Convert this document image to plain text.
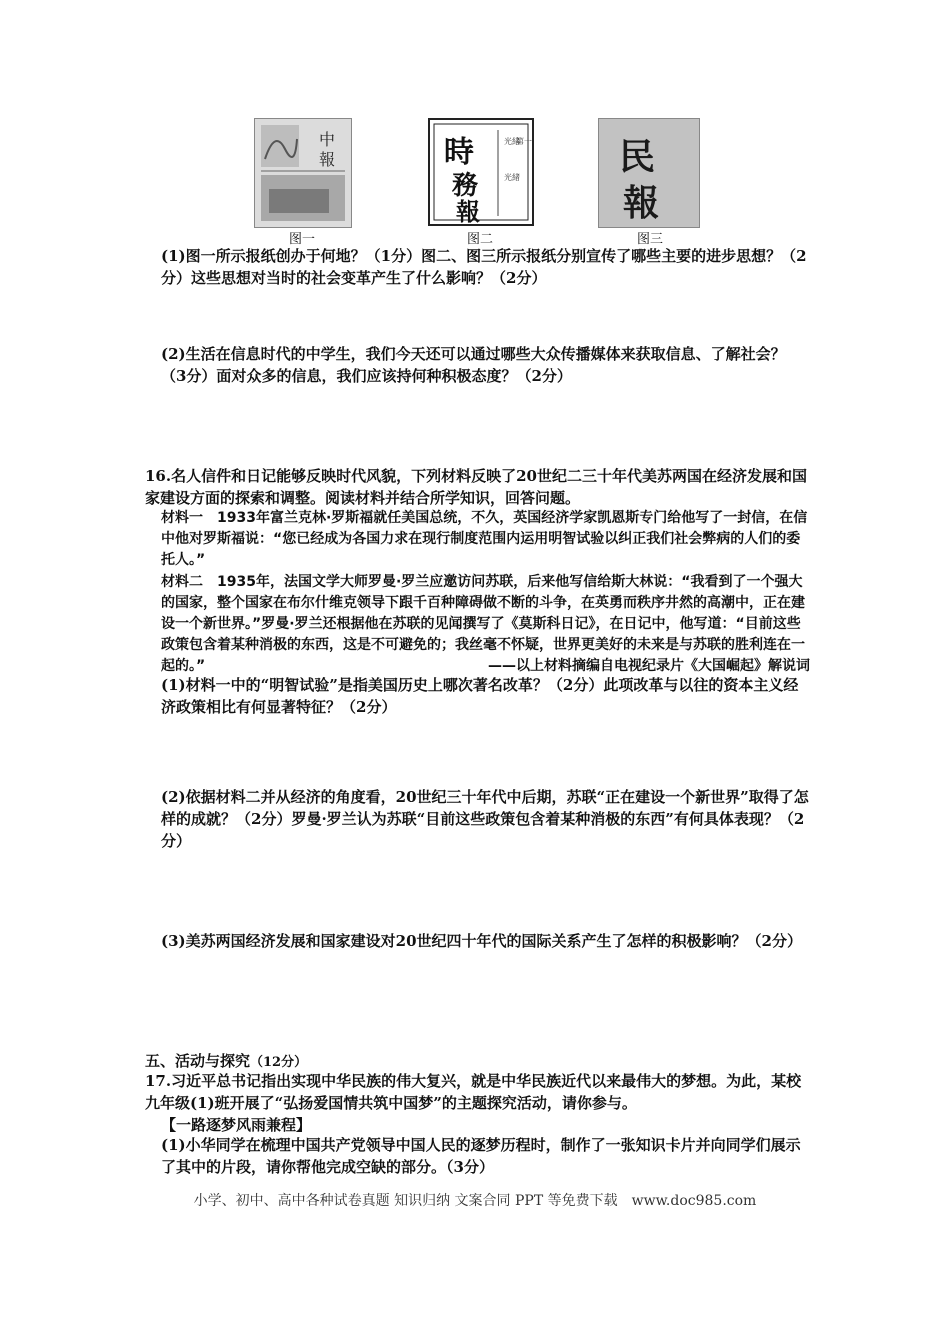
中
報
图一
時
務
報
光緒
第一
光緒
图二
民
報
图三
(1)图一所示报纸创办于何地？（1分）图二、图三所示报纸分别宣传了哪些主要的进步思想？（2分）这些思想对当时的社会变革产生了什么影响？（2分）
(2)生活在信息时代的中学生，我们今天还可以通过哪些大众传播媒体来获取信息、了解社会？（3分）面对众多的信息，我们应该持何种积极态度？（2分）
16.名人信件和日记能够反映时代风貌，下列材料反映了20世纪二三十年代美苏两国在经济发展和国家建设方面的探索和调整。阅读材料并结合所学知识，回答问题。
材料一　1933年富兰克林·罗斯福就任美国总统，不久，英国经济学家凯恩斯专门给他写了一封信，在信中他对罗斯福说：“您已经成为各国力求在现行制度范围内运用明智试验以纠正我们社会弊病的人们的委托人。”
材料二　1935年，法国文学大师罗曼·罗兰应邀访问苏联，后来他写信给斯大林说：“我看到了一个强大的国家，整个国家在布尔什维克领导下跟千百种障碍做不断的斗争，在英勇而秩序井然的高潮中，正在建设一个新世界。”罗曼·罗兰还根据他在苏联的见闻撰写了《莫斯科日记》，在日记中，他写道：“目前这些政策包含着某种消极的东西，这是不可避免的；我丝毫不怀疑，世界更美好的未来是与苏联的胜利连在一起的。”	——以上材料摘编自电视纪录片《大国崛起》解说词
(1)材料一中的“明智试验”是指美国历史上哪次著名改革？（2分）此项改革与以往的资本主义经济政策相比有何显著特征？（2分）
(2)依据材料二并从经济的角度看，20世纪三十年代中后期，苏联“正在建设一个新世界”取得了怎样的成就？（2分）罗曼·罗兰认为苏联“目前这些政策包含着某种消极的东西”有何具体表现？（2分）
(3)美苏两国经济发展和国家建设对20世纪四十年代的国际关系产生了怎样的积极影响？（2分）
五、活动与探究（12分）
17.习近平总书记指出实现中华民族的伟大复兴，就是中华民族近代以来最伟大的梦想。为此，某校九年级(1)班开展了“弘扬爱国情共筑中国梦”的主题探究活动，请你参与。
【一路逐梦风雨兼程】
(1)小华同学在梳理中国共产党领导中国人民的逐梦历程时，制作了一张知识卡片并向同学们展示了其中的片段，请你帮他完成空缺的部分。（3分）
小学、初中、高中各种试卷真题 知识归纳 文案合同 PPT 等免费下载　www.doc985.com
